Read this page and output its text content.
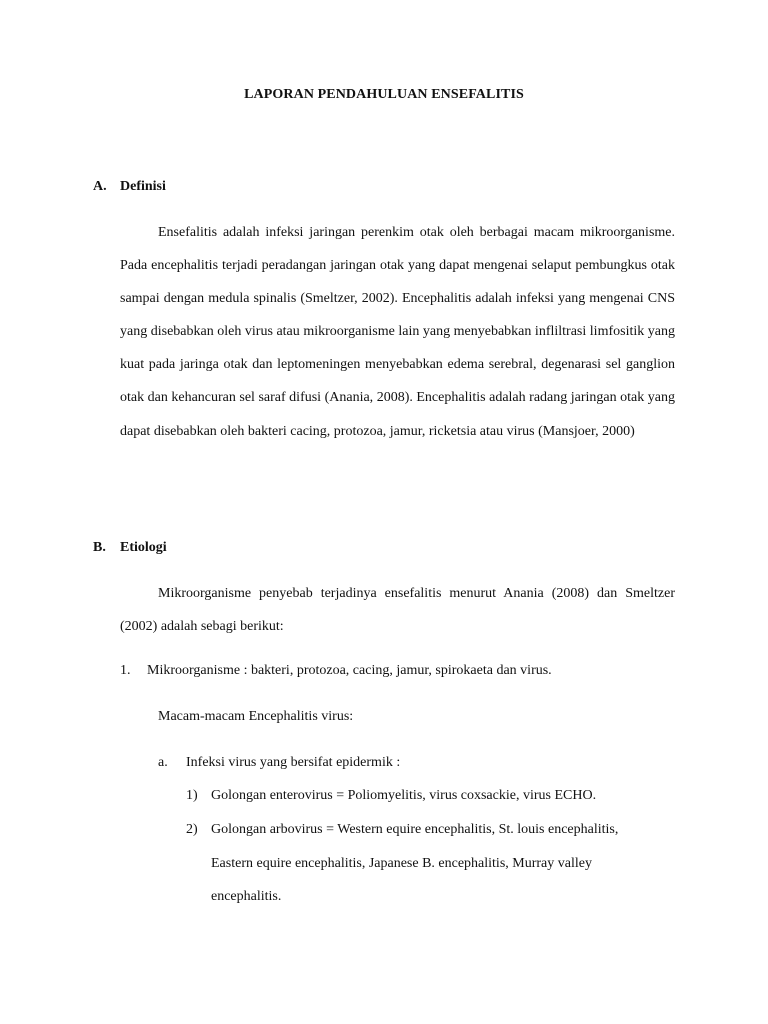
LAPORAN PENDAHULUAN ENSEFALITIS
A. Definisi

Ensefalitis adalah infeksi jaringan perenkim otak oleh berbagai macam mikroorganisme. Pada encephalitis terjadi peradangan jaringan otak yang dapat mengenai selaput pembungkus otak sampai dengan medula spinalis (Smeltzer, 2002). Encephalitis adalah infeksi yang mengenai CNS yang disebabkan oleh virus atau mikroorganisme lain yang menyebabkan infliltrasi limfositik yang kuat pada jaringa otak dan leptomeningen menyebabkan edema serebral, degenarasi sel ganglion otak dan kehancuran sel saraf difusi (Anania, 2008). Encephalitis adalah radang jaringan otak yang dapat disebabkan oleh bakteri cacing, protozoa, jamur, ricketsia atau virus (Mansjoer, 2000)

B. Etiologi

Mikroorganisme penyebab terjadinya ensefalitis menurut Anania (2008) dan Smeltzer (2002) adalah sebagi berikut:

1. Mikroorganisme : bakteri, protozoa, cacing, jamur, spirokaeta dan virus.
Macam-macam Encephalitis virus:
a. Infeksi virus yang bersifat epidermik :
1) Golongan enterovirus = Poliomyelitis, virus coxsackie, virus ECHO.
2) Golongan arbovirus = Western equire encephalitis, St. louis encephalitis,
Eastern equire encephalitis, Japanese B. encephalitis, Murray valley
encephalitis.
